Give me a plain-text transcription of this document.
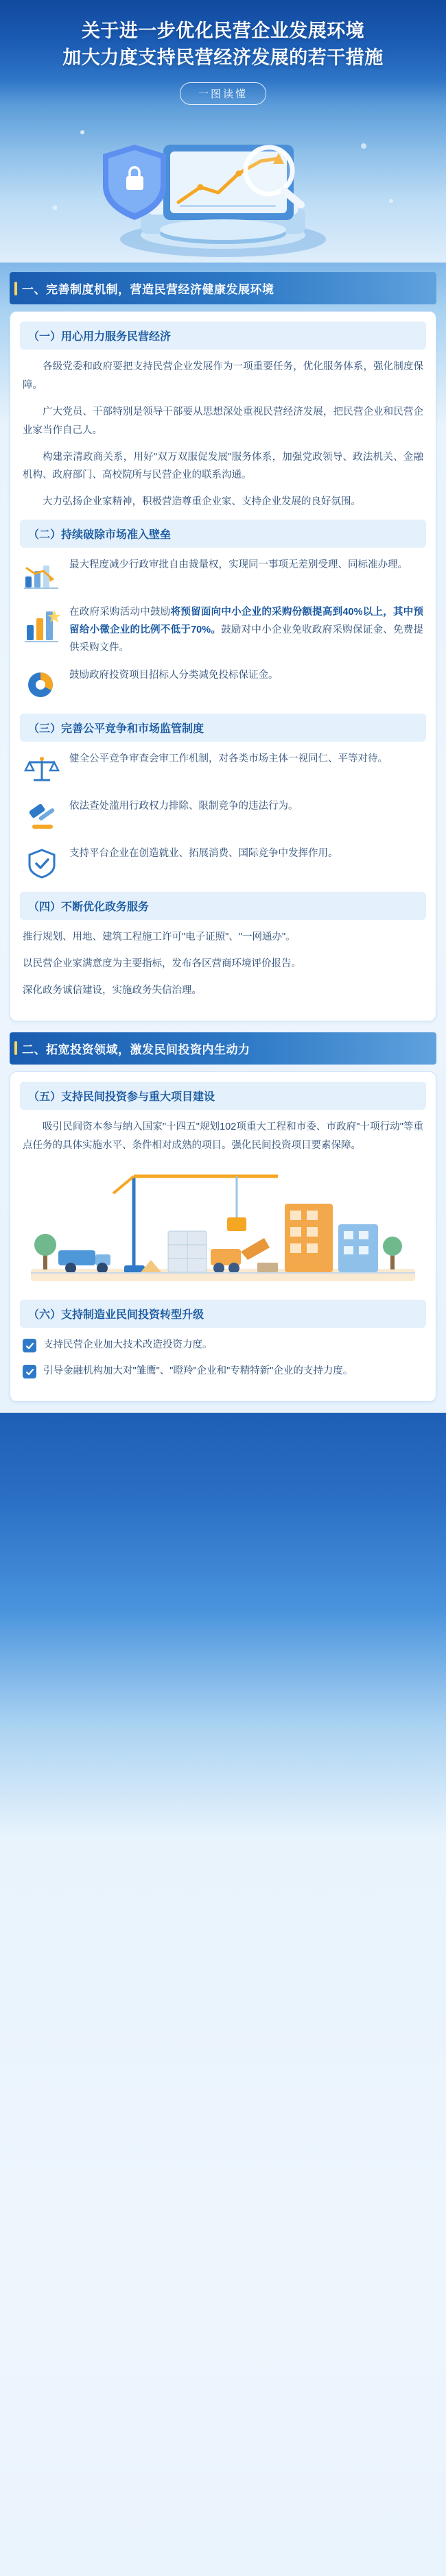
关于进一步优化民营企业发展环境
加大力度支持民营经济发展的若干措施
一图读懂
一、完善制度机制，营造民营经济健康发展环境
（一）用心用力服务民营经济

各级党委和政府要把支持民营企业发展作为一项重要任务，优化服务体系，强化制度保障。

广大党员、干部特别是领导干部要从思想深处重视民营经济发展，把民营企业和民营企业家当作自己人。

构建亲清政商关系，用好"双万双服促发展"服务体系，加强党政领导、政法机关、金融机构、政府部门、高校院所与民营企业的联系沟通。

大力弘扬企业家精神，积极营造尊重企业家、支持企业发展的良好氛围。

（二）持续破除市场准入壁垒
最大程度减少行政审批自由裁量权，实现同一事项无差别受理、同标准办理。
在政府采购活动中鼓励将预留面向中小企业的采购份额提高到40%以上，其中预留给小微企业的比例不低于70%。鼓励对中小企业免收政府采购保证金、免费提供采购文件。
鼓励政府投资项目招标人分类减免投标保证金。
（三）完善公平竞争和市场监管制度
健全公平竞争审查会审工作机制，对各类市场主体一视同仁、平等对待。
依法查处滥用行政权力排除、限制竞争的违法行为。
支持平台企业在创造就业、拓展消费、国际竞争中发挥作用。
（四）不断优化政务服务

推行规划、用地、建筑工程施工许可"电子证照"、"一网通办"。

以民营企业家满意度为主要指标，发布各区营商环境评价报告。

深化政务诚信建设，实施政务失信治理。

二、拓宽投资领域，激发民间投资内生动力
（五）支持民间投资参与重大项目建设

吸引民间资本参与纳入国家"十四五"规划102项重大工程和市委、市政府"十项行动"等重点任务的具体实施水平、条件相对成熟的项目。强化民间投资项目要素保障。

（六）支持制造业民间投资转型升级
支持民营企业加大技术改造投资力度。
引导金融机构加大对"雏鹰"、"瞪羚"企业和"专精特新"企业的支持力度。
